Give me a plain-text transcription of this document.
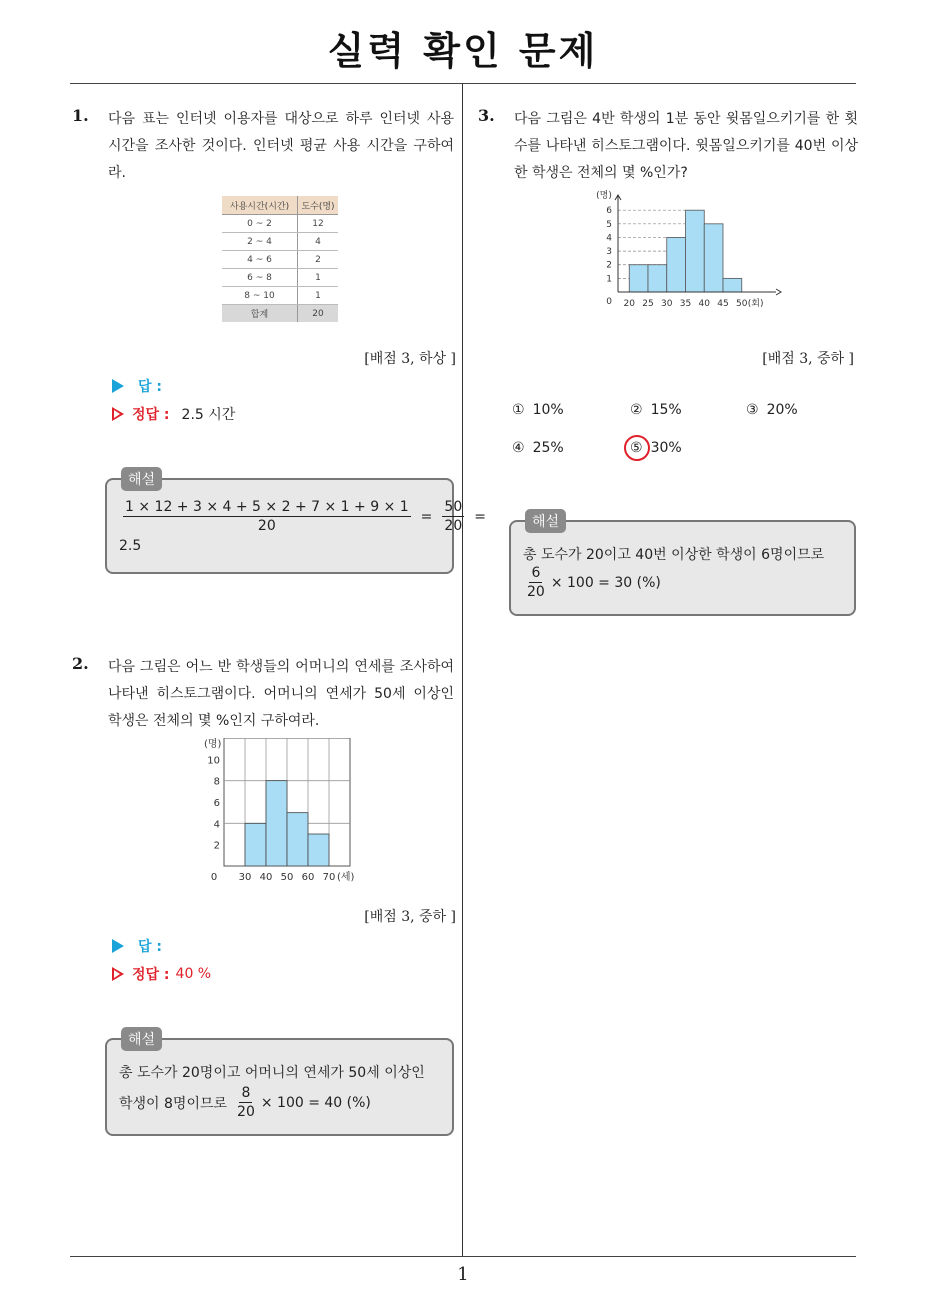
실력 확인 문제
1. 다음 표는 인터넷 이용자를 대상으로 하루 인터넷 사용 시간을 조사한 것이다. 인터넷 평균 사용 시간을 구하여라.
사용시간(시간)	도수(명)
0 ~ 2	12
2 ~ 4	4
4 ~ 6	2
6 ~ 8	1
8 ~ 10	1
합계	20
[배점 3, 하상 ]
답 :
정답 : 2.5 시간
해설
$\frac{1 \times 12 + 3 \times 4 + 5 \times 2 + 7 \times 1 + 9 \times 1}{20} = \frac{50}{20}$ =
2.5
2. 다음 그림은 어느 반 학생들의 어머니의 연세를 조사하여 나타낸 히스토그램이다. 어머니의 연세가 50세 이상인 학생은 전체의 몇 %인지 구하여라.
2
4
6
8
10
(명)
0 30 40 50 60 70 (세)
[배점 3, 중하 ]
답 :
정답 : 40 %
해설
총 도수가 20명이고 어머니의 연세가 50세 이상인
학생이 8명이므로 $\frac{8}{20} \times 100 = 40$ (%)
3. 다음 그림은 4반 학생의 1분 동안 윗몸일으키기를 한 횟수를 나타낸 히스토그램이다. 윗몸일으키기를 40번 이상한 학생은 전체의 몇 %인가?
0
1
2
3
4
5
6
(명)
20 25 30 35 40 45 50 (회)
[배점 3, 중하 ]
① 10%	② 15%	③ 20%
④ 25%	⑤ 30%
해설
총 도수가 20이고 40번 이상한 학생이 6명이므로
$\frac{6}{20} \times 100 = 30$ (%)
1
